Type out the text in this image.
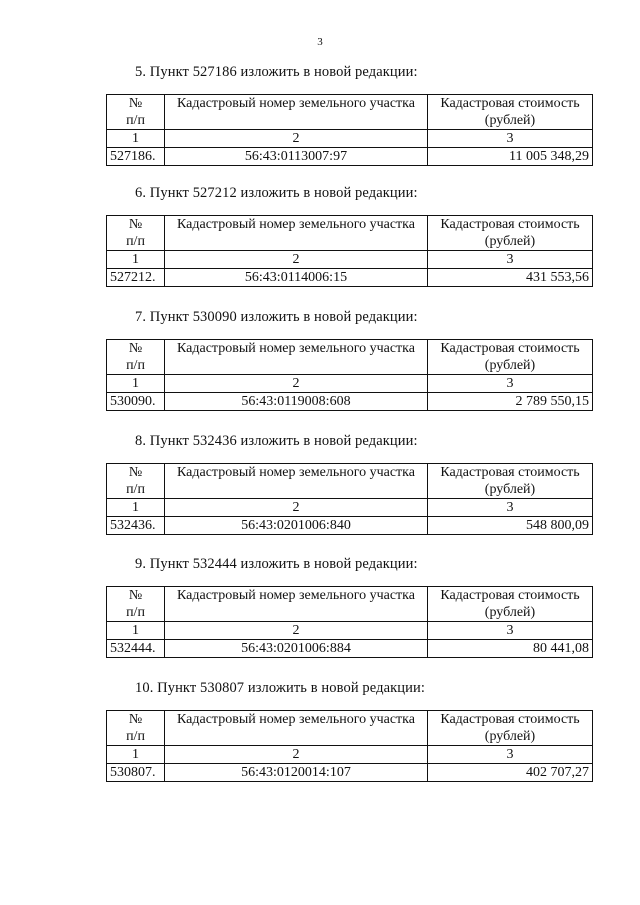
3
5. Пункт 527186 изложить в новой редакции:
№
п/п	Кадастровый номер земельного участка	Кадастровая стоимость
(рублей)

1	2	3
527186.	56:43:0113007:97	11 005 348,29
6. Пункт 527212 изложить в новой редакции:
№
п/п	Кадастровый номер земельного участка	Кадастровая стоимость
(рублей)

1	2	3
527212.	56:43:0114006:15	431 553,56
7. Пункт 530090 изложить в новой редакции:
№
п/п	Кадастровый номер земельного участка	Кадастровая стоимость
(рублей)

1	2	3
530090.	56:43:0119008:608	2 789 550,15
8. Пункт 532436 изложить в новой редакции:
№
п/п	Кадастровый номер земельного участка	Кадастровая стоимость
(рублей)

1	2	3
532436.	56:43:0201006:840	548 800,09
9. Пункт 532444 изложить в новой редакции:
№
п/п	Кадастровый номер земельного участка	Кадастровая стоимость
(рублей)

1	2	3
532444.	56:43:0201006:884	80 441,08
10. Пункт 530807 изложить в новой редакции:
№
п/п	Кадастровый номер земельного участка	Кадастровая стоимость
(рублей)

1	2	3
530807.	56:43:0120014:107	402 707,27
